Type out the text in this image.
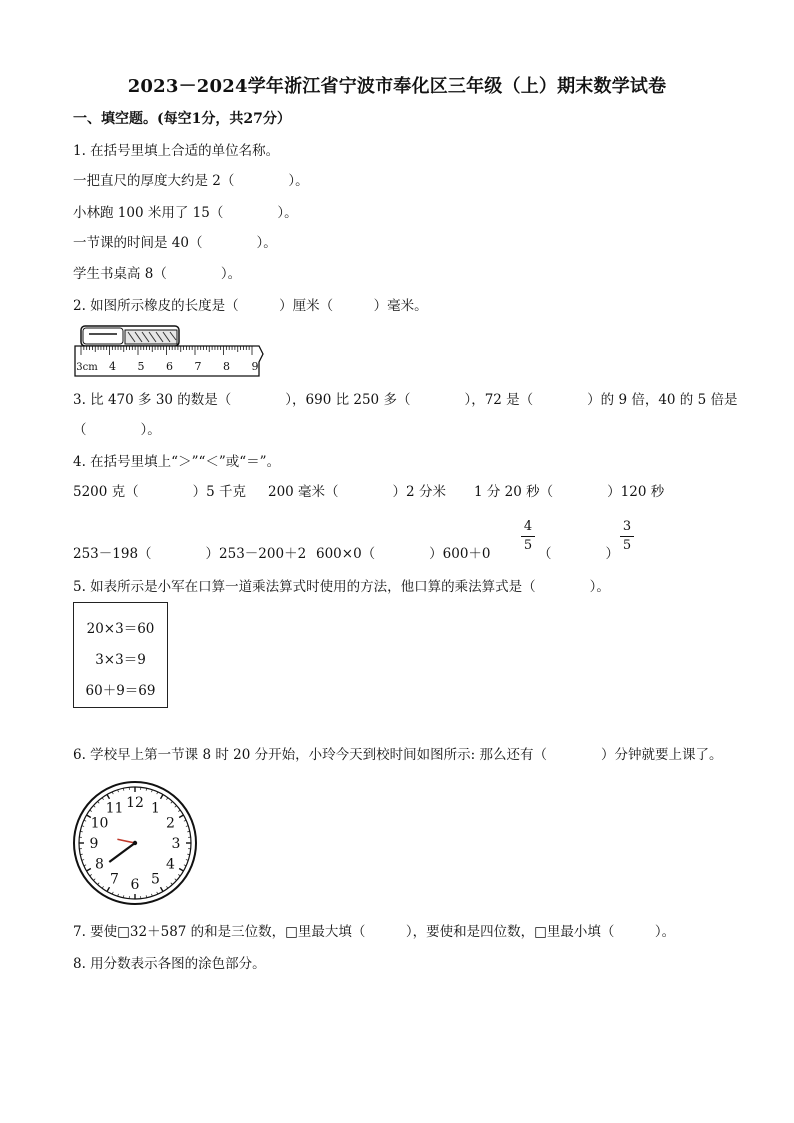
2023－2024学年浙江省宁波市奉化区三年级（上）期末数学试卷
一、填空题。(每空1分，共27分）
1. 在括号里填上合适的单位名称。
一把直尺的厚度大约是 2（　　　　）。
小林跑 100 米用了 15（　　　　）。
一节课的时间是 40（　　　　）。
学生书桌高 8（　　　　）。
2. 如图所示橡皮的长度是（　　　）厘米（　　　）毫米。
3cm 4 5 6 7 8 9
3. 比 470 多 30 的数是（　　　　），690 比 250 多（　　　　），72 是（　　　　）的 9 倍，40 的 5 倍是
（　　　　）。
4. 在括号里填上“＞”“＜”或“＝”。
5200 克（　　　　）5 千克 200 毫米（　　　　）2 分米 1 分 20 秒（　　　　）120 秒
253－198（　　　　）253－200＋2 600×0（　　　　）600＋0
4
5
（　　　　）
3
5
5. 如表所示是小军在口算一道乘法算式时使用的方法，他口算的乘法算式是（　　　　）。
20×3＝60
3×3＝9
60＋9＝69
6. 学校早上第一节课 8 时 20 分开始，小玲今天到校时间如图所示: 那么还有（　　　　）分钟就要上课了。
12 1
2
3
4
5
6
7
8
9
10
11
7. 要使□32＋587 的和是三位数，□里最大填（　　　），要使和是四位数，□里最小填（　　　）。
8. 用分数表示各图的涂色部分。
